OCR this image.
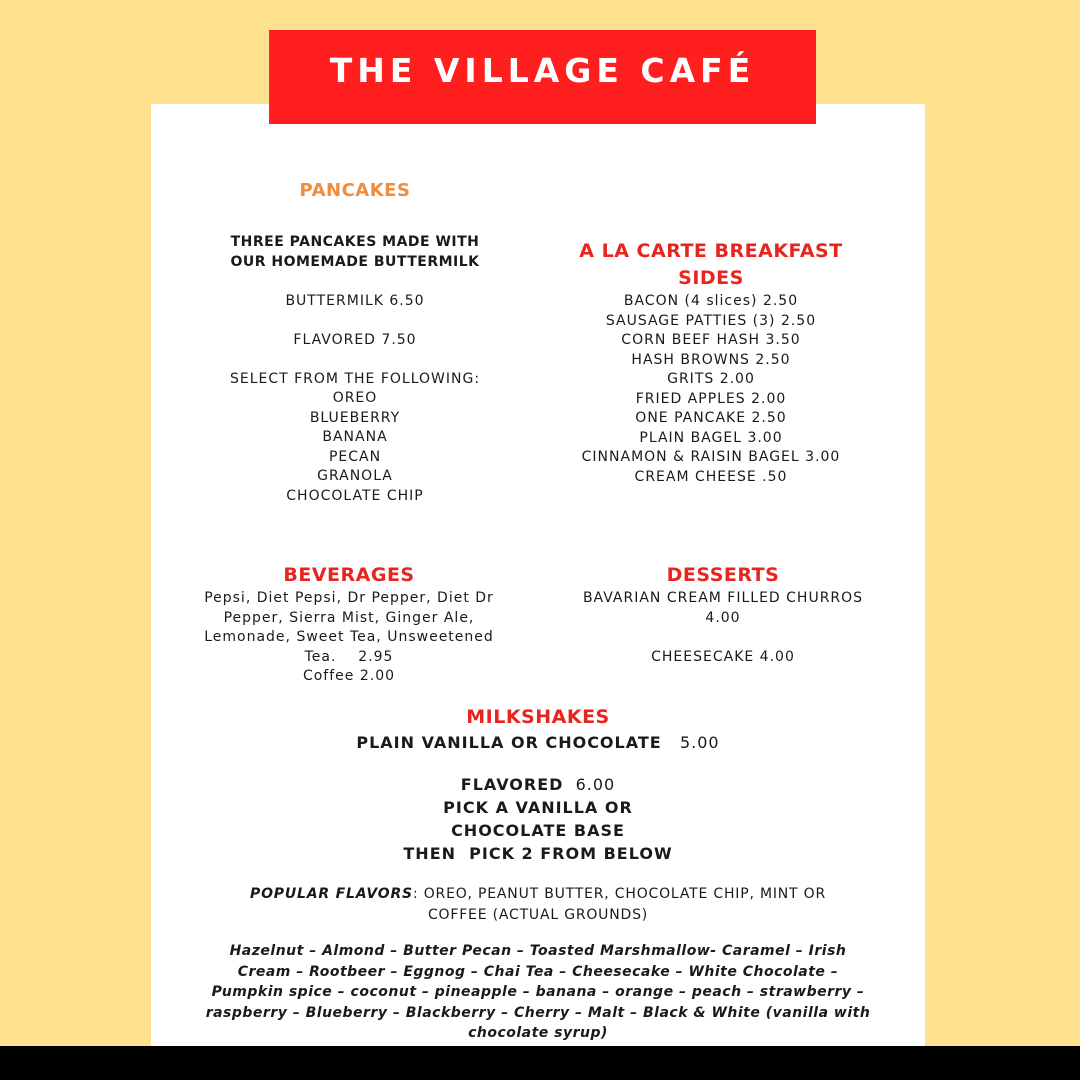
THE VILLAGE CAFÉ
PANCAKES
THREE PANCAKES MADE WITH
OUR HOMEMADE BUTTERMILK
BUTTERMILK 6.50
FLAVORED 7.50
SELECT FROM THE FOLLOWING:
OREO
BLUEBERRY
BANANA
PECAN
GRANOLA
CHOCOLATE CHIP
A LA CARTE BREAKFAST
SIDES
BACON (4 slices) 2.50
SAUSAGE PATTIES (3) 2.50
CORN BEEF HASH 3.50
HASH BROWNS 2.50
GRITS 2.00
FRIED APPLES 2.00
ONE PANCAKE 2.50
PLAIN BAGEL 3.00
CINNAMON & RAISIN BAGEL 3.00
CREAM CHEESE .50
BEVERAGES
Pepsi, Diet Pepsi, Dr Pepper, Diet Dr
Pepper, Sierra Mist, Ginger Ale,
Lemonade, Sweet Tea, Unsweetened
Tea.    2.95
Coffee 2.00
DESSERTS
BAVARIAN CREAM FILLED CHURROS
4.00
CHEESECAKE 4.00
MILKSHAKES
PLAIN VANILLA OR CHOCOLATE 5.00
FLAVORED 6.00
PICK A VANILLA OR
CHOCOLATE BASE
THEN  PICK 2 FROM BELOW
POPULAR FLAVORS: OREO, PEANUT BUTTER, CHOCOLATE CHIP, MINT OR
COFFEE (ACTUAL GROUNDS)
Hazelnut – Almond – Butter Pecan – Toasted Marshmallow- Caramel – Irish
Cream – Rootbeer – Eggnog – Chai Tea – Cheesecake – White Chocolate –
Pumpkin spice – coconut – pineapple – banana – orange – peach – strawberry –
raspberry – Blueberry – Blackberry – Cherry – Malt – Black & White (vanilla with
chocolate syrup)
